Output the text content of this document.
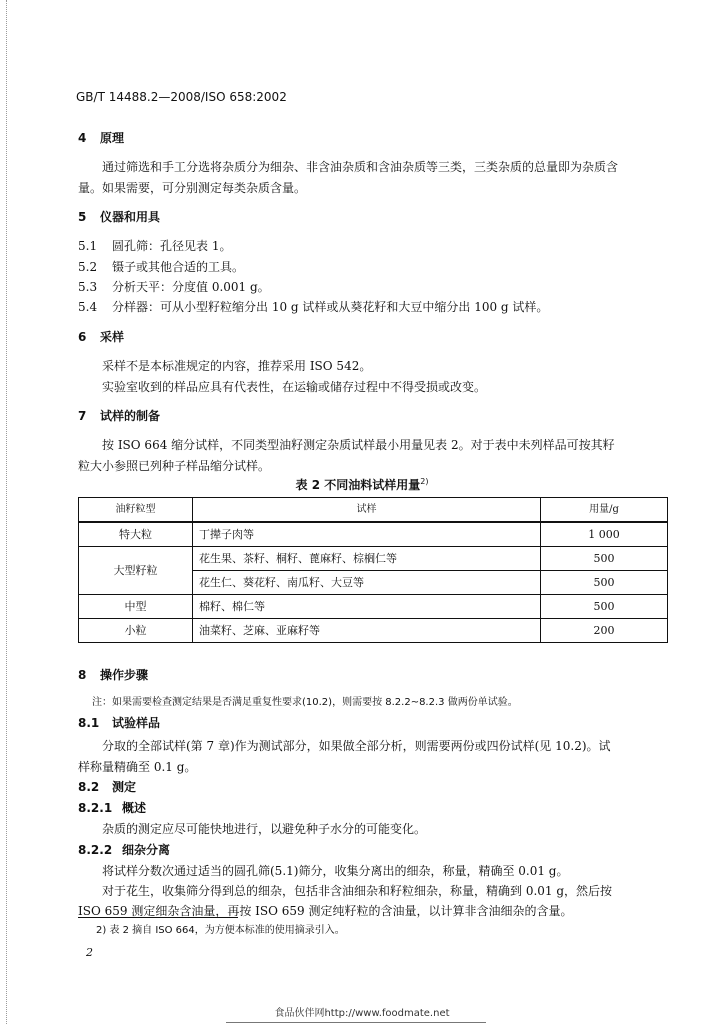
GB/T 14488.2—2008/ISO 658:2002
4 原理
通过筛选和手工分选将杂质分为细杂、非含油杂质和含油杂质等三类，三类杂质的总量即为杂质含
量。如果需要，可分别测定每类杂质含量。
5 仪器和用具
5.1 圆孔筛：孔径见表 1。
5.2 镊子或其他合适的工具。
5.3 分析天平：分度值 0.001 g。
5.4 分样器：可从小型籽粒缩分出 10 g 试样或从葵花籽和大豆中缩分出 100 g 试样。
6 采样
采样不是本标准规定的内容，推荐采用 ISO 542。
实验室收到的样品应具有代表性，在运输或储存过程中不得受损或改变。
7 试样的制备
按 ISO 664 缩分试样，不同类型油籽测定杂质试样最小用量见表 2。对于表中未列样品可按其籽
粒大小参照已列种子样品缩分试样。
表 2 不同油料试样用量$^{2)}$
油籽粒型	试样	用量/g
特大粒	丁撵子肉等	1 000
大型籽粒	花生果、茶籽、桐籽、蓖麻籽、棕榈仁等	500
	花生仁、葵花籽、南瓜籽、大豆等	500
中型	棉籽、棉仁等	500
小粒	油菜籽、芝麻、亚麻籽等	200
8 操作步骤
注：如果需要检查测定结果是否满足重复性要求(10.2)，则需要按 8.2.2~8.2.3 做两份单试验。
8.1 试验样品
分取的全部试样(第 7 章)作为测试部分，如果做全部分析，则需要两份或四份试样(见 10.2)。试
样称量精确至 0.1 g。
8.2 测定
8.2.1 概述
杂质的测定应尽可能快地进行，以避免种子水分的可能变化。
8.2.2 细杂分离
将试样分数次通过适当的圆孔筛(5.1)筛分，收集分离出的细杂，称量，精确至 0.01 g。
对于花生，收集筛分得到总的细杂，包括非含油细杂和籽粒细杂，称量，精确到 0.01 g，然后按
ISO 659 测定细杂含油量，再按 ISO 659 测定纯籽粒的含油量，以计算非含油细杂的含量。
2) 表 2 摘自 ISO 664，为方便本标准的使用摘录引入。
2
食品伙伴网http://www.foodmate.net
